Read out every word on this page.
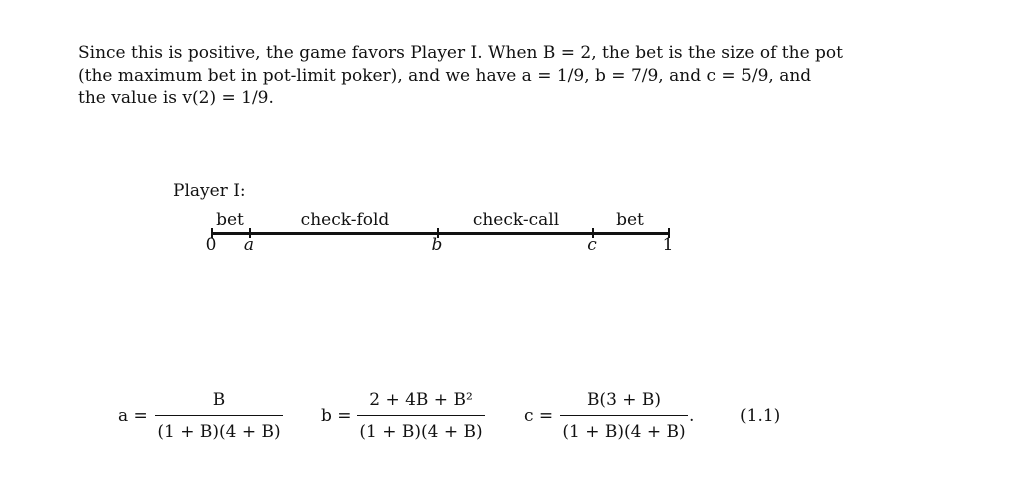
Since this is positive, the game favors Player I. When B = 2, the bet is the size of the pot
(the maximum bet in pot-limit poker), and we have a = 1/9, b = 7/9, and c = 5/9, and
the value is v(2) = 1/9.
Player I:
bet	check-fold	check-call	bet
0 a	b	c	1
a =
B
(1 + B)(4 + B)
b =
2 + 4B + B²
(1 + B)(4 + B)
c =
B(3 + B)
(1 + B)(4 + B)
.	(1.1)
